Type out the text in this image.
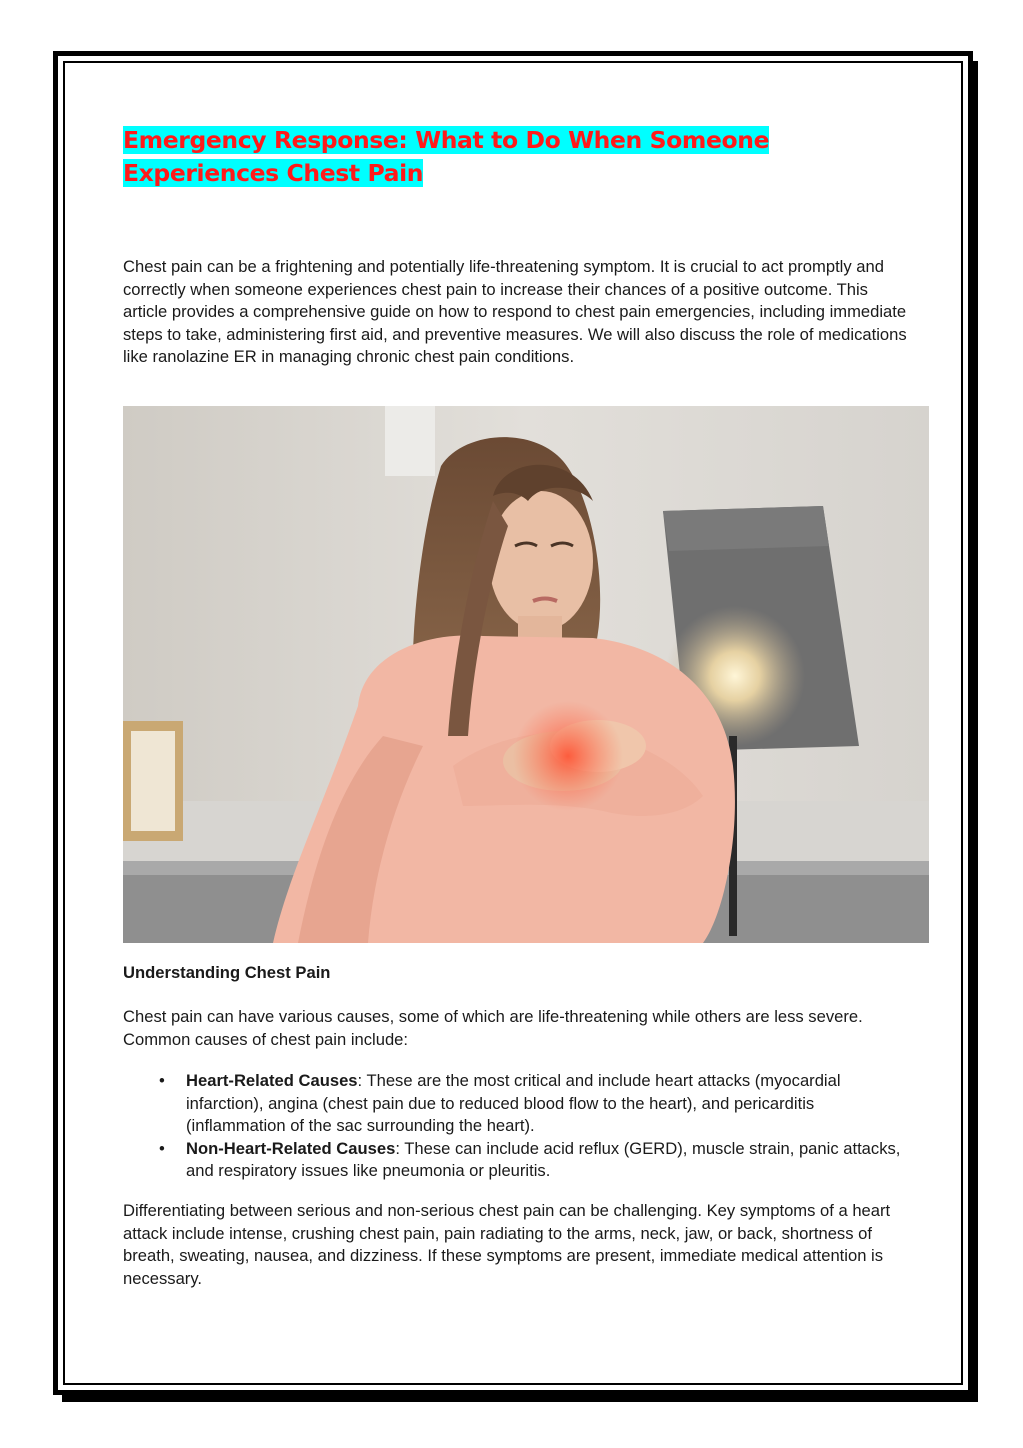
Emergency Response: What to Do When Someone Experiences Chest Pain

Chest pain can be a frightening and potentially life-threatening symptom. It is crucial to act promptly and correctly when someone experiences chest pain to increase their chances of a positive outcome. This article provides a comprehensive guide on how to respond to chest pain emergencies, including immediate steps to take, administering first aid, and preventive measures. We will also discuss the role of medications like ranolazine ER in managing chronic chest pain conditions.

Understanding Chest Pain

Chest pain can have various causes, some of which are life-threatening while others are less severe. Common causes of chest pain include:

• Heart-Related Causes: These are the most critical and include heart attacks (myocardial infarction), angina (chest pain due to reduced blood flow to the heart), and pericarditis (inflammation of the sac surrounding the heart).
• Non-Heart-Related Causes: These can include acid reflux (GERD), muscle strain, panic attacks, and respiratory issues like pneumonia or pleuritis.

Differentiating between serious and non-serious chest pain can be challenging. Key symptoms of a heart attack include intense, crushing chest pain, pain radiating to the arms, neck, jaw, or back, shortness of breath, sweating, nausea, and dizziness. If these symptoms are present, immediate medical attention is necessary.
